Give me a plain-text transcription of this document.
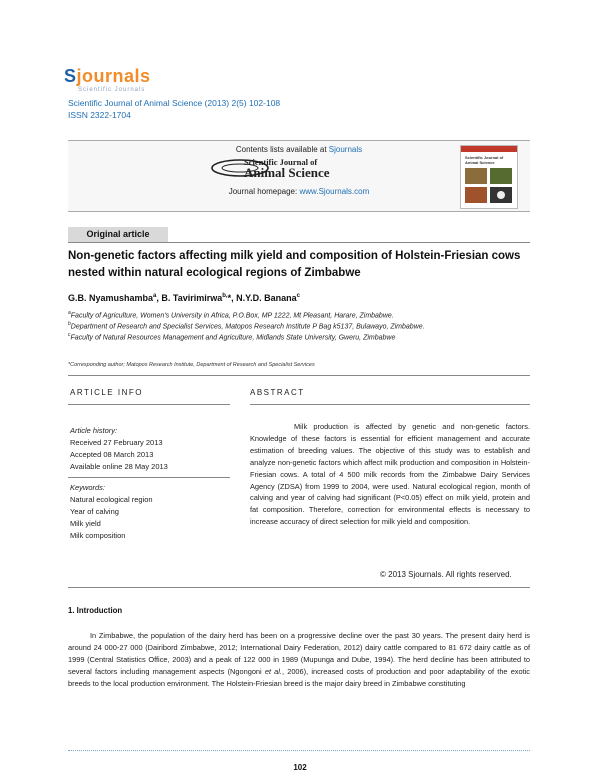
Sjournals
Scientific Journals
Scientific Journal of Animal Science (2013) 2(5) 102-108
ISSN 2322-1704
Contents lists available at Sjournals
Scientific Journal of
Animal Science
Journal homepage: www.Sjournals.com
Scientific Journal of Animal Science
Original article
Non-genetic factors affecting milk yield and composition of Holstein-Friesian cows nested within natural ecological regions of Zimbabwe
G.B. Nyamushamba$^a$, B. Tavirimirwa$^{b,}$*, N.Y.D. Banana$^c$
$^a$Faculty of Agriculture, Women's University in Africa, P.O.Box, MP 1222, Mt Pleasant, Harare, Zimbabwe.
$^b$Department of Research and Specialist Services, Matopos Research Institute P Bag k5137, Bulawayo, Zimbabwe.
$^c$Faculty of Natural Resources Management and Agriculture, Midlands State University, Gweru, Zimbabwe
*Corresponding author; Matopos Research Institute, Department of Research and Specialist Services
ARTICLE INFO	ABSTRACT
Article history:
Received 27 February 2013
Accepted 08 March 2013
Available online 28 May 2013
Keywords:
Natural ecological region
Year of calving
Milk yield
Milk composition
Milk production is affected by genetic and non-genetic factors. Knowledge of these factors is essential for efficient management and accurate estimation of breeding values. The objective of this study was to establish and analyze non-genetic factors which affect milk production and composition in Holstein-Friesian cows. A total of 4 500 milk records from the Zimbabwe Dairy Services Agency (ZDSA) from 1999 to 2004, were used. Natural ecological region, month of calving and year of calving had significant (P<0.05) effect on milk yield, protein and fat composition. Therefore, correction for environmental effects is necessary to increase accuracy of direct selection for milk yield and composition.
© 2013 Sjournals. All rights reserved.
1. Introduction
In Zimbabwe, the population of the dairy herd has been on a progressive decline over the past 30 years. The present dairy herd is around 24 000-27 000 (Dairibord Zimbabwe, 2012; International Dairy Federation, 2012) dairy cattle compared to 81 672 dairy cattle as of 1999 (Central Statistics Office, 2003) and a peak of 122 000 in 1989 (Mupunga and Dube, 1994). The herd decline has been attributed to several factors including management aspects (Ngongoni et al., 2006), increased costs of production and poor adaptability of the exotic breeds to the local production environment. The Holstein-Friesian breed is the major dairy breed in Zimbabwe constituting
102
